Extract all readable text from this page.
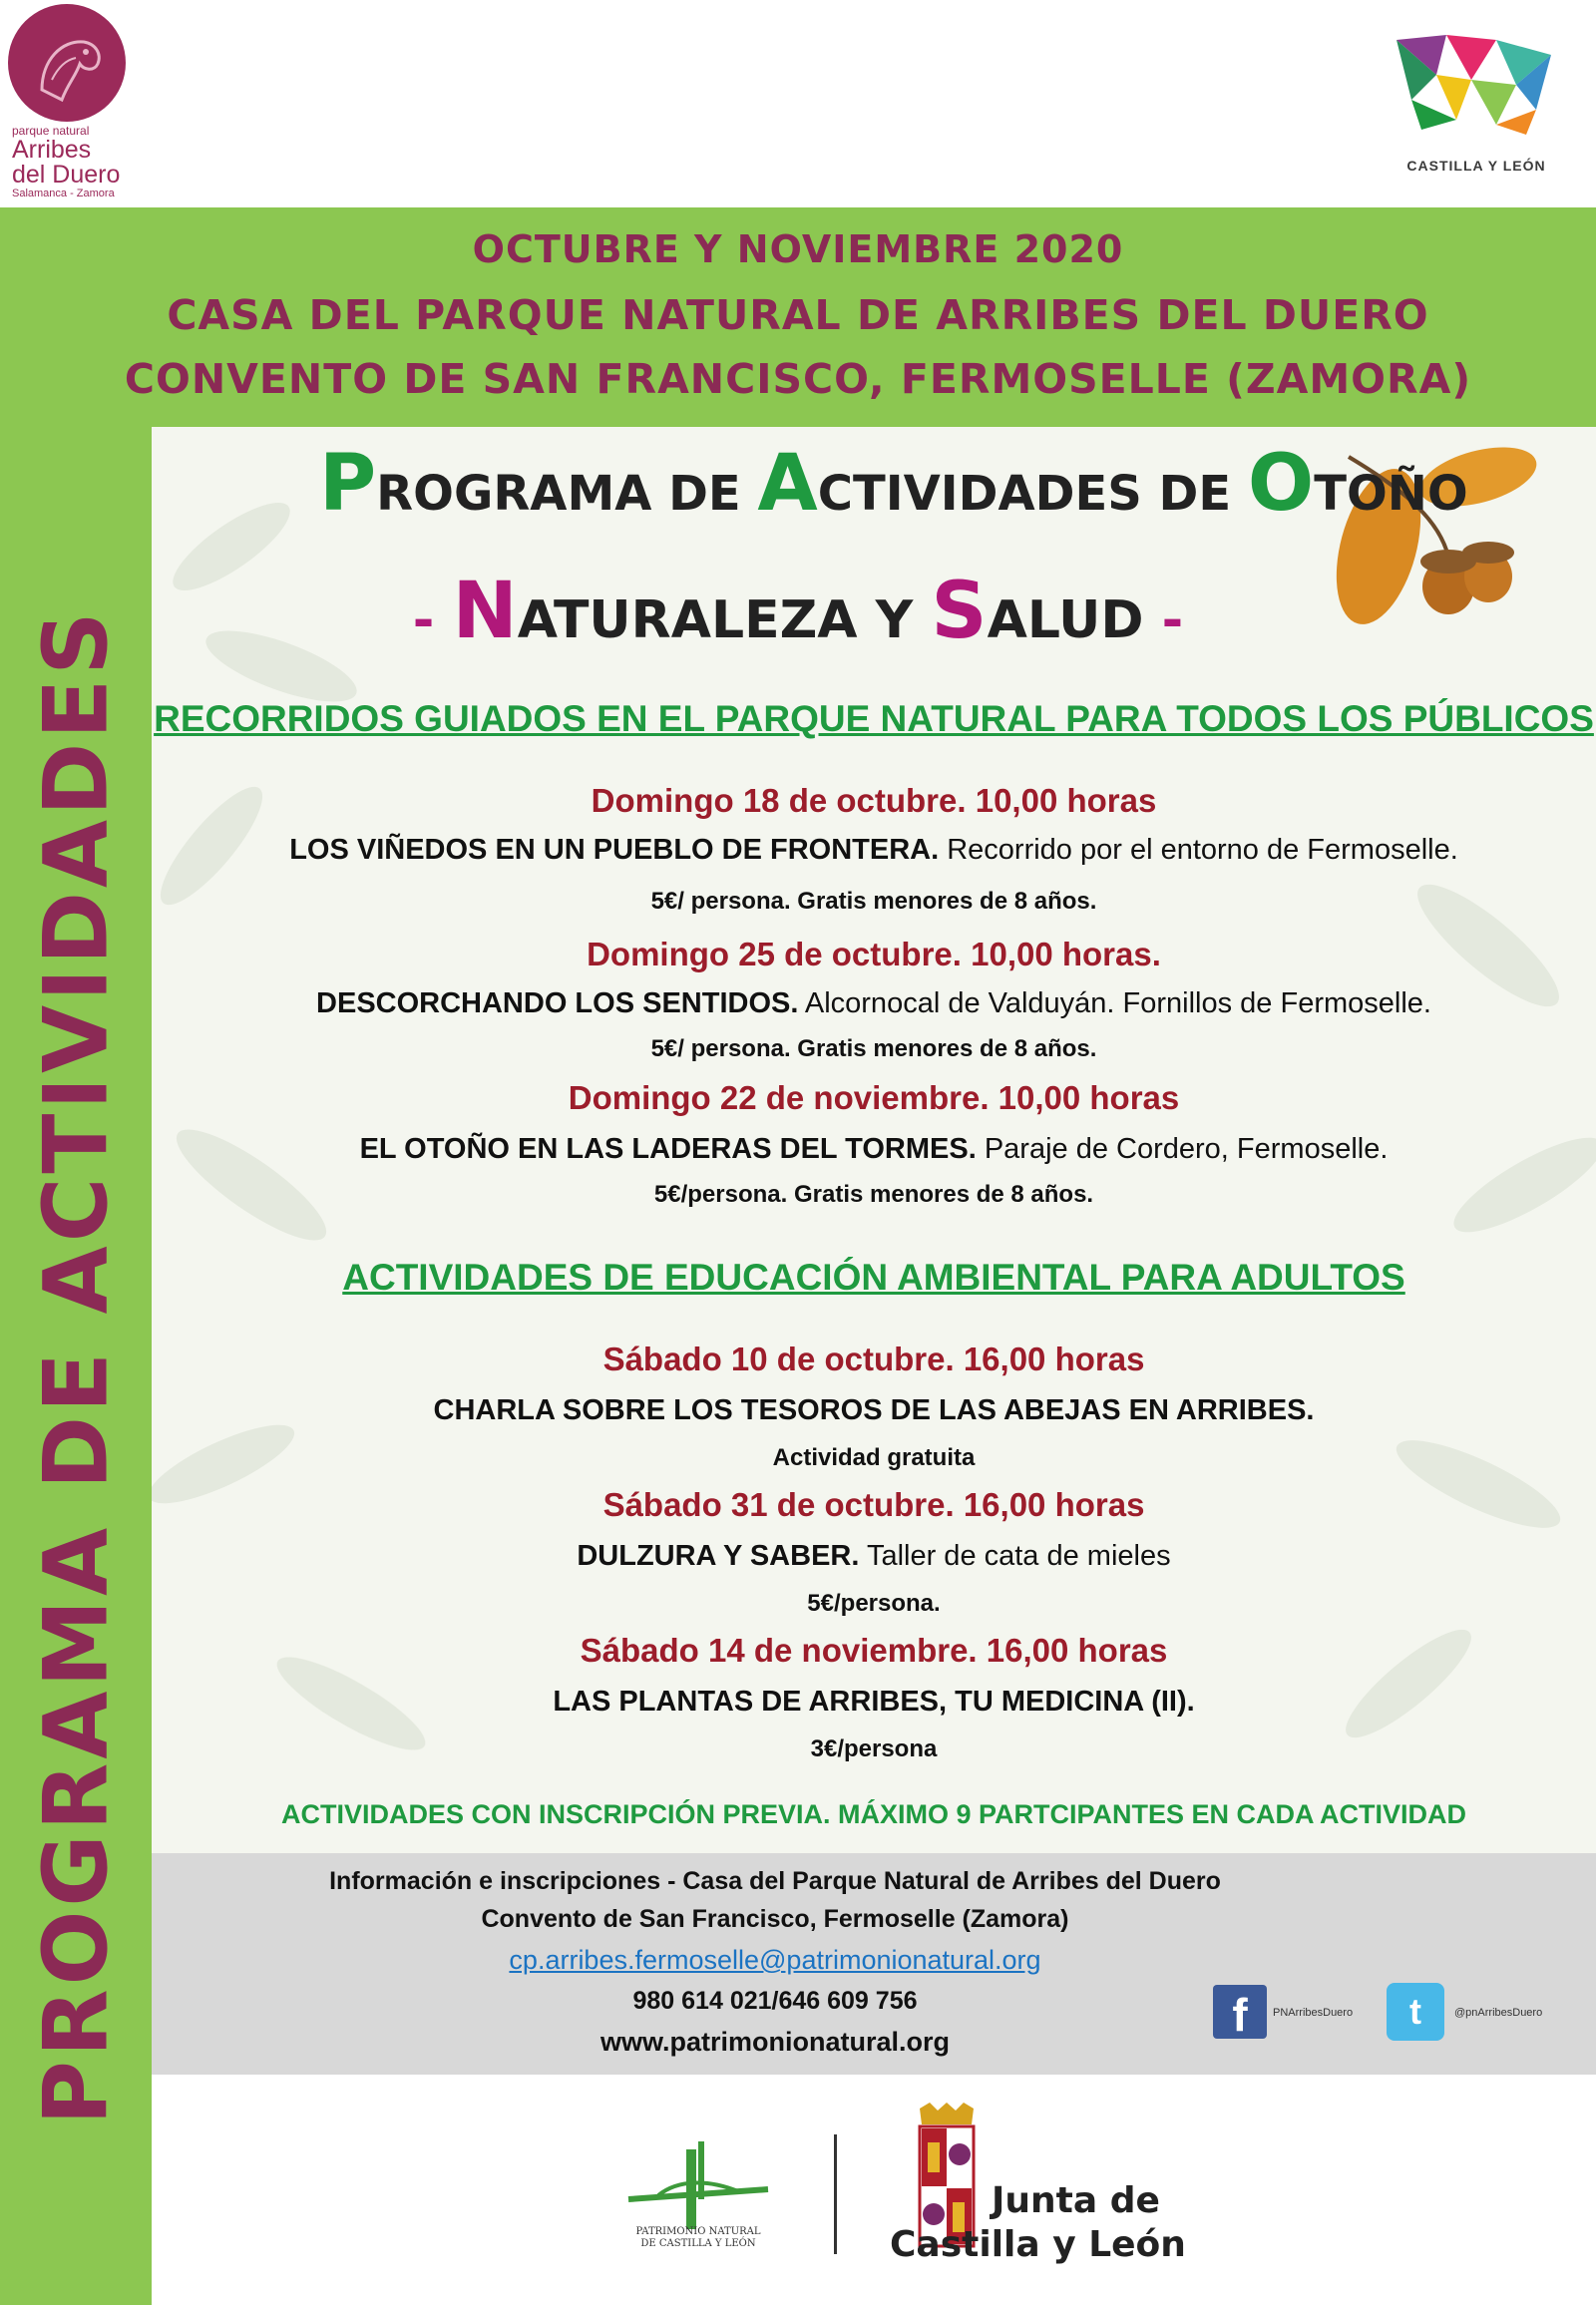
parque natural
Arribes
del Duero
Salamanca - Zamora
CASTILLA Y LEÓN
OCTUBRE Y NOVIEMBRE 2020
CASA DEL PARQUE NATURAL DE ARRIBES DEL DUERO
CONVENTO DE SAN FRANCISCO, FERMOSELLE (ZAMORA)
PROGRAMA DE ACTIVIDADES
PROGRAMA DE ACTIVIDADES DE OTOÑO
- NATURALEZA Y SALUD -
RECORRIDOS GUIADOS EN EL PARQUE NATURAL PARA TODOS LOS PÚBLICOS
Domingo 18 de octubre. 10,00 horas
LOS VIÑEDOS EN UN PUEBLO DE FRONTERA. Recorrido por el entorno de Fermoselle.
5€/ persona. Gratis menores de 8 años.
Domingo 25 de octubre. 10,00 horas.
DESCORCHANDO LOS SENTIDOS. Alcornocal de Valduyán. Fornillos de Fermoselle.
5€/ persona. Gratis menores de 8 años.
Domingo 22 de noviembre. 10,00 horas
EL OTOÑO EN LAS LADERAS DEL TORMES. Paraje de Cordero, Fermoselle.
5€/persona. Gratis menores de 8 años.
ACTIVIDADES DE EDUCACIÓN AMBIENTAL PARA ADULTOS
Sábado 10 de octubre. 16,00 horas
CHARLA SOBRE LOS TESOROS DE LAS ABEJAS EN ARRIBES.
Actividad gratuita
Sábado 31 de octubre. 16,00 horas
DULZURA Y SABER. Taller de cata de mieles
5€/persona.
Sábado 14 de noviembre. 16,00 horas
LAS PLANTAS DE ARRIBES, TU MEDICINA (II).
3€/persona
ACTIVIDADES CON INSCRIPCIÓN PREVIA. MÁXIMO 9 PARTCIPANTES EN CADA ACTIVIDAD
Información e inscripciones - Casa del Parque Natural de Arribes del Duero
Convento de San Francisco, Fermoselle (Zamora)
cp.arribes.fermoselle@patrimonionatural.org
980 614 021/646 609 756
www.patrimonionatural.org
f	PNArribesDuero	t	@pnArribesDuero
PATRIMONIO NATURAL
DE CASTILLA Y LEÓN
Junta de
Castilla y León
